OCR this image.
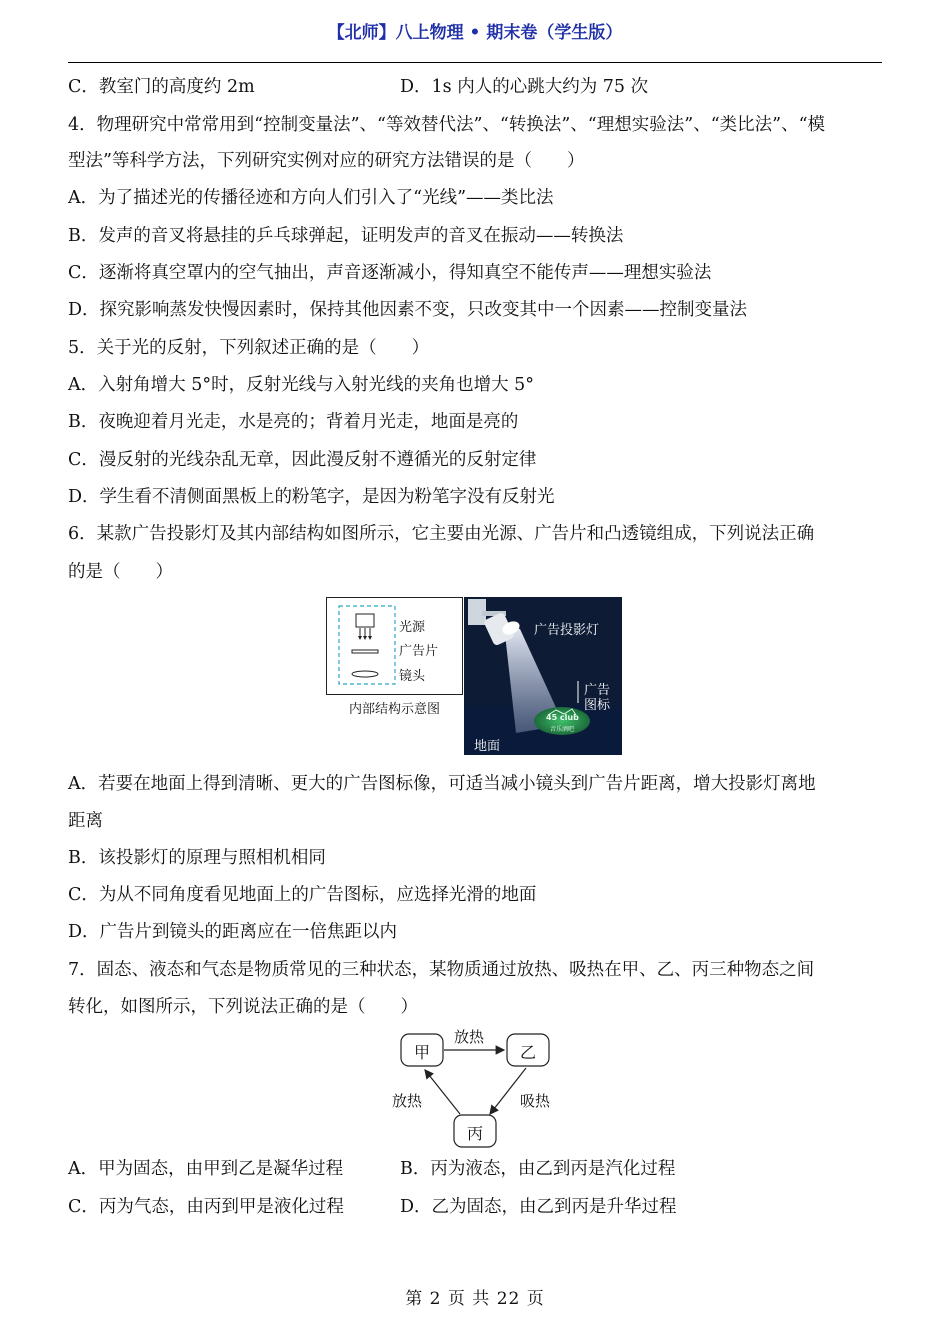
【北师】八上物理 • 期末卷（学生版）
C．教室门的高度约 2m	D．1s 内人的心跳大约为 75 次
4．物理研究中常常用到“控制变量法”、“等效替代法”、“转换法”、“理想实验法”、“类比法”、“模
型法”等科学方法，下列研究实例对应的研究方法错误的是（　　）
A．为了描述光的传播径迹和方向人们引入了“光线”——类比法
B．发声的音叉将悬挂的乒乓球弹起，证明发声的音叉在振动——转换法
C．逐渐将真空罩内的空气抽出，声音逐渐减小，得知真空不能传声——理想实验法
D．探究影响蒸发快慢因素时，保持其他因素不变，只改变其中一个因素——控制变量法
5．关于光的反射，下列叙述正确的是（　　）
A．入射角增大 5°时，反射光线与入射光线的夹角也增大 5°
B．夜晚迎着月光走，水是亮的；背着月光走，地面是亮的
C．漫反射的光线杂乱无章，因此漫反射不遵循光的反射定律
D．学生看不清侧面黑板上的粉笔字，是因为粉笔字没有反射光
6．某款广告投影灯及其内部结构如图所示，它主要由光源、广告片和凸透镜组成，下列说法正确
的是（　　）
光源
广告片
镜头
内部结构示意图
广告投影灯
广告
图标
地面
45 club
音乐酒吧
A．若要在地面上得到清晰、更大的广告图标像，可适当减小镜头到广告片距离，增大投影灯离地
距离
B．该投影灯的原理与照相机相同
C．为从不同角度看见地面上的广告图标，应选择光滑的地面
D．广告片到镜头的距离应在一倍焦距以内
7．固态、液态和气态是物质常见的三种状态，某物质通过放热、吸热在甲、乙、丙三种物态之间
转化，如图所示，下列说法正确的是（　　）
甲	乙
丙
放热
吸热
放热
A．甲为固态，由甲到乙是凝华过程	B．丙为液态，由乙到丙是汽化过程
C．丙为气态，由丙到甲是液化过程	D．乙为固态，由乙到丙是升华过程
第 2 页 共 22 页
